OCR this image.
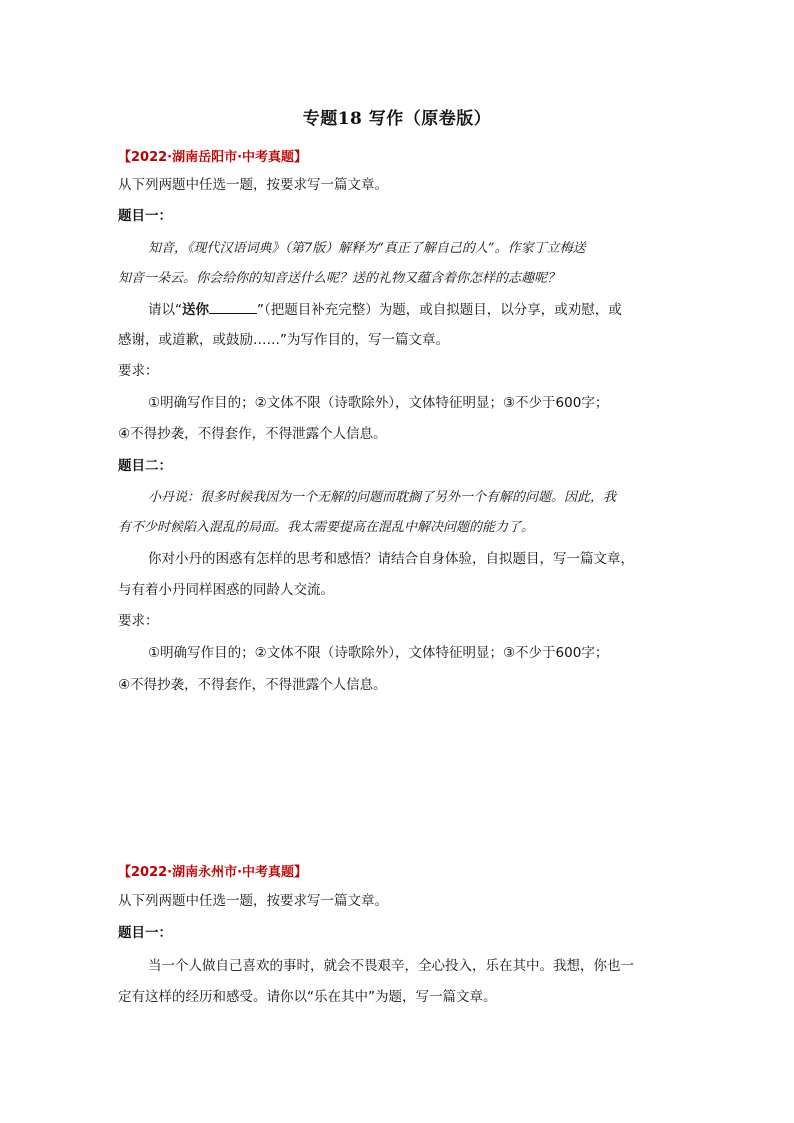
专题18 写作（原卷版）
【2022·湖南岳阳市·中考真题】
从下列两题中任选一题，按要求写一篇文章。
题目一：
知音，《现代汉语词典》（第7版）解释为“真正了解自己的人”。作家丁立梅送
知音一朵云。你会给你的知音送什么呢？送的礼物又蕴含着你怎样的志趣呢？
请以“送你	”（把题目补充完整）为题，或自拟题目，以分享，或劝慰，或
感谢，或道歉，或鼓励……”为写作目的，写一篇文章。
要求：
①明确写作目的；②文体不限（诗歌除外），文体特征明显；③不少于600字；
④不得抄袭，不得套作，不得泄露个人信息。
题目二：
小丹说：很多时候我因为一个无解的问题而耽搁了另外一个有解的问题。因此，我
有不少时候陷入混乱的局面。我太需要提高在混乱中解决问题的能力了。
你对小丹的困惑有怎样的思考和感悟？请结合自身体验，自拟题目，写一篇文章，
与有着小丹同样困惑的同龄人交流。
要求：
①明确写作目的；②文体不限（诗歌除外），文体特征明显；③不少于600字；
④不得抄袭，不得套作，不得泄露个人信息。
【2022·湖南永州市·中考真题】
从下列两题中任选一题，按要求写一篇文章。
题目一：
当一个人做自己喜欢的事时，就会不畏艰辛，全心投入，乐在其中。我想，你也一
定有这样的经历和感受。请你以“乐在其中”为题，写一篇文章。
